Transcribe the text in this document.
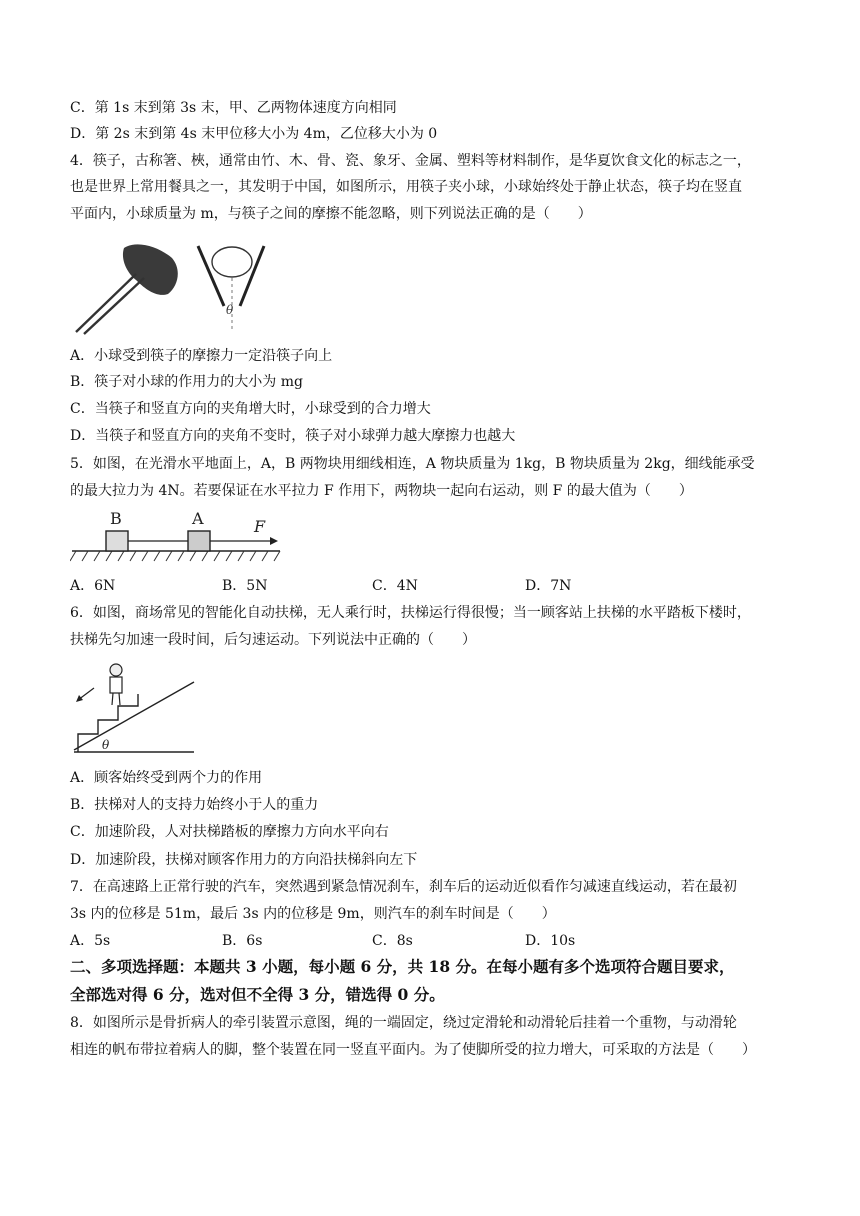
C．第 1s 末到第 3s 末，甲、乙两物体速度方向相同
D．第 2s 末到第 4s 末甲位移大小为 4m，乙位移大小为 0
4．筷子，古称箸、梜，通常由竹、木、骨、瓷、象牙、金属、塑料等材料制作，是华夏饮食文化的标志之一，
也是世界上常用餐具之一，其发明于中国，如图所示，用筷子夹小球，小球始终处于静止状态，筷子均在竖直
平面内，小球质量为 m，与筷子之间的摩擦不能忽略，则下列说法正确的是（　　）
θ
A．小球受到筷子的摩擦力一定沿筷子向上
B．筷子对小球的作用力的大小为 mg
C．当筷子和竖直方向的夹角增大时，小球受到的合力增大
D．当筷子和竖直方向的夹角不变时，筷子对小球弹力越大摩擦力也越大
5．如图，在光滑水平地面上，A，B 两物块用细线相连，A 物块质量为 1kg，B 物块质量为 2kg，细线能承受
的最大拉力为 4N。若要保证在水平拉力 F 作用下，两物块一起向右运动，则 F 的最大值为（　　）
B	A	F
A．6N	B．5N	C．4N	D．7N
6．如图，商场常见的智能化自动扶梯，无人乘行时，扶梯运行得很慢；当一顾客站上扶梯的水平踏板下楼时，
扶梯先匀加速一段时间，后匀速运动。下列说法中正确的（　　）
θ
A．顾客始终受到两个力的作用
B．扶梯对人的支持力始终小于人的重力
C．加速阶段，人对扶梯踏板的摩擦力方向水平向右
D．加速阶段，扶梯对顾客作用力的方向沿扶梯斜向左下
7．在高速路上正常行驶的汽车，突然遇到紧急情况刹车，刹车后的运动近似看作匀减速直线运动，若在最初
3s 内的位移是 51m，最后 3s 内的位移是 9m，则汽车的刹车时间是（　　）
A．5s	B．6s	C．8s	D．10s
二、多项选择题：本题共 3 小题，每小题 6 分，共 18 分。在每小题有多个选项符合题目要求，
全部选对得 6 分，选对但不全得 3 分，错选得 0 分。
8．如图所示是骨折病人的牵引装置示意图，绳的一端固定，绕过定滑轮和动滑轮后挂着一个重物，与动滑轮
相连的帆布带拉着病人的脚，整个装置在同一竖直平面内。为了使脚所受的拉力增大，可采取的方法是（　　）
